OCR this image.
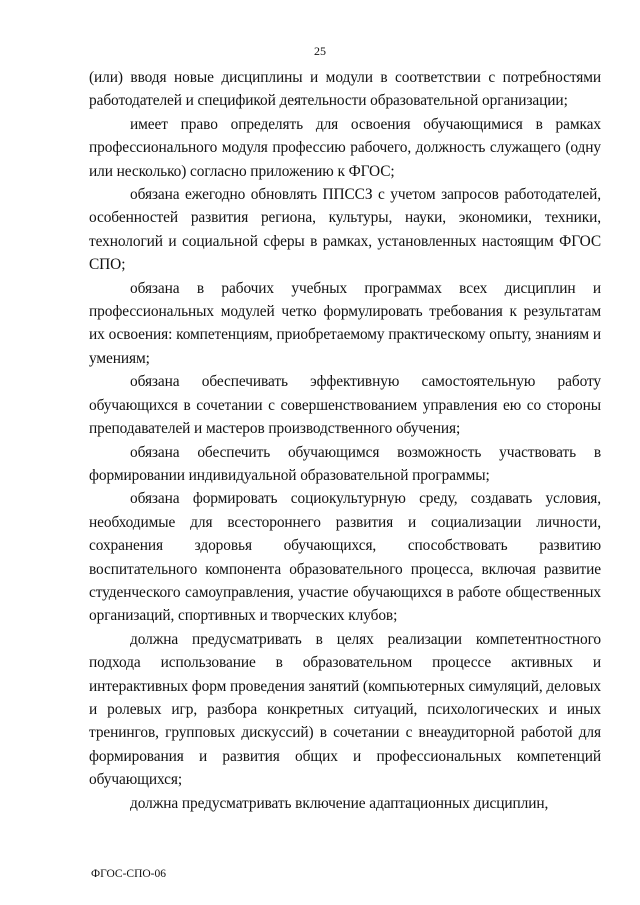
25

(или) вводя новые дисциплины и модули в соответствии с потребностями работодателей и спецификой деятельности образовательной организации;

имеет право определять для освоения обучающимися в рамках профессионального модуля профессию рабочего, должность служащего (одну или несколько) согласно приложению к ФГОС;

обязана ежегодно обновлять ППССЗ с учетом запросов работодателей, особенностей развития региона, культуры, науки, экономики, техники, технологий и социальной сферы в рамках, установленных настоящим ФГОС СПО;

обязана в рабочих учебных программах всех дисциплин и профессиональных модулей четко формулировать требования к результатам их освоения: компетенциям, приобретаемому практическому опыту, знаниям и умениям;

обязана обеспечивать эффективную самостоятельную работу обучающихся в сочетании с совершенствованием управления ею со стороны преподавателей и мастеров производственного обучения;

обязана обеспечить обучающимся возможность участвовать в формировании индивидуальной образовательной программы;

обязана формировать социокультурную среду, создавать условия, необходимые для всестороннего развития и социализации личности, сохранения здоровья обучающихся, способствовать развитию воспитательного компонента образовательного процесса, включая развитие студенческого самоуправления, участие обучающихся в работе общественных организаций, спортивных и творческих клубов;

должна предусматривать в целях реализации компетентностного подхода использование в образовательном процессе активных и интерактивных форм проведения занятий (компьютерных симуляций, деловых и ролевых игр, разбора конкретных ситуаций, психологических и иных тренингов, групповых дискуссий) в сочетании с внеаудиторной работой для формирования и развития общих и профессиональных компетенций обучающихся;

должна предусматривать включение адаптационных дисциплин,

ФГОС-СПО-06
